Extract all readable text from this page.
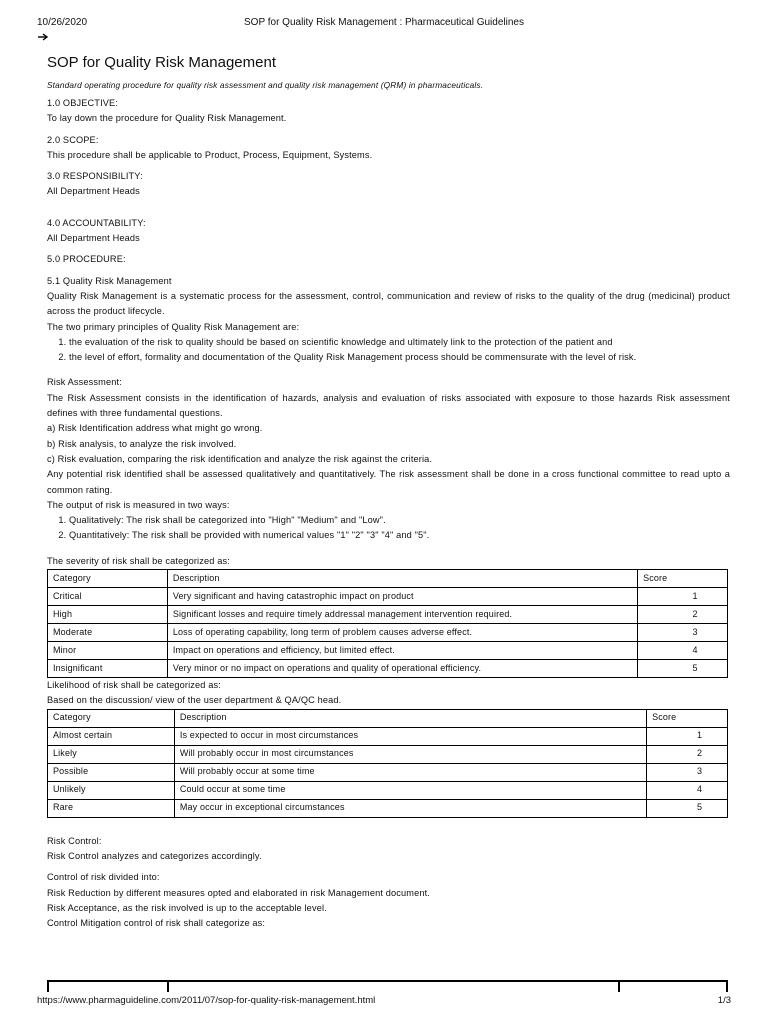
10/26/2020	SOP for Quality Risk Management : Pharmaceutical Guidelines
SOP for Quality Risk Management
Standard operating procedure for quality risk assessment and quality risk management (QRM) in pharmaceuticals.
1.0 OBJECTIVE:
To lay down the procedure for Quality Risk Management.
2.0 SCOPE:
This procedure shall be applicable to Product, Process, Equipment, Systems.
3.0 RESPONSIBILITY:
All Department Heads
4.0 ACCOUNTABILITY:
All Department Heads
5.0 PROCEDURE:
5.1 Quality Risk Management
Quality Risk Management is a systematic process for the assessment, control, communication and review of risks to the quality of the drug (medicinal) product across the product lifecycle.
The two primary principles of Quality Risk Management are:
1. the evaluation of the risk to quality should be based on scientific knowledge and ultimately link to the protection of the patient and
2. the level of effort, formality and documentation of the Quality Risk Management process should be commensurate with the level of risk.
Risk Assessment:
The Risk Assessment consists in the identification of hazards, analysis and evaluation of risks associated with exposure to those hazards Risk assessment defines with three fundamental questions.
a) Risk Identification address what might go wrong.
b) Risk analysis, to analyze the risk involved.
c) Risk evaluation, comparing the risk identification and analyze the risk against the criteria.
Any potential risk identified shall be assessed qualitatively and quantitatively. The risk assessment shall be done in a cross functional committee to read upto a common rating.
The output of risk is measured in two ways:
1. Qualitatively: The risk shall be categorized into "High" "Medium" and "Low".
2. Quantitatively: The risk shall be provided with numerical values "1" "2" "3" "4" and "5".
The severity of risk shall be categorized as:
Category	Description	Score
Critical	Very significant and having catastrophic impact on product	1
High	Significant losses and require timely addressal management intervention required.	2
Moderate	Loss of operating capability, long term of problem causes adverse effect.	3
Minor	Impact on operations and efficiency, but limited effect.	4
Insignificant	Very minor or no impact on operations and quality of operational efficiency.	5
Likelihood of risk shall be categorized as:
Based on the discussion/ view of the user department & QA/QC head.
Category	Description	Score
Almost certain	Is expected to occur in most circumstances	1
Likely	Will probably occur in most circumstances	2
Possible	Will probably occur at some time	3
Unlikely	Could occur at some time	4
Rare	May occur in exceptional circumstances	5
Risk Control:
Risk Control analyzes and categorizes accordingly.
Control of risk divided into:
Risk Reduction by different measures opted and elaborated in risk Management document.
Risk Acceptance, as the risk involved is up to the acceptable level.
Control Mitigation control of risk shall categorize as:
https://www.pharmaguideline.com/2011/07/sop-for-quality-risk-management.html	1/3
